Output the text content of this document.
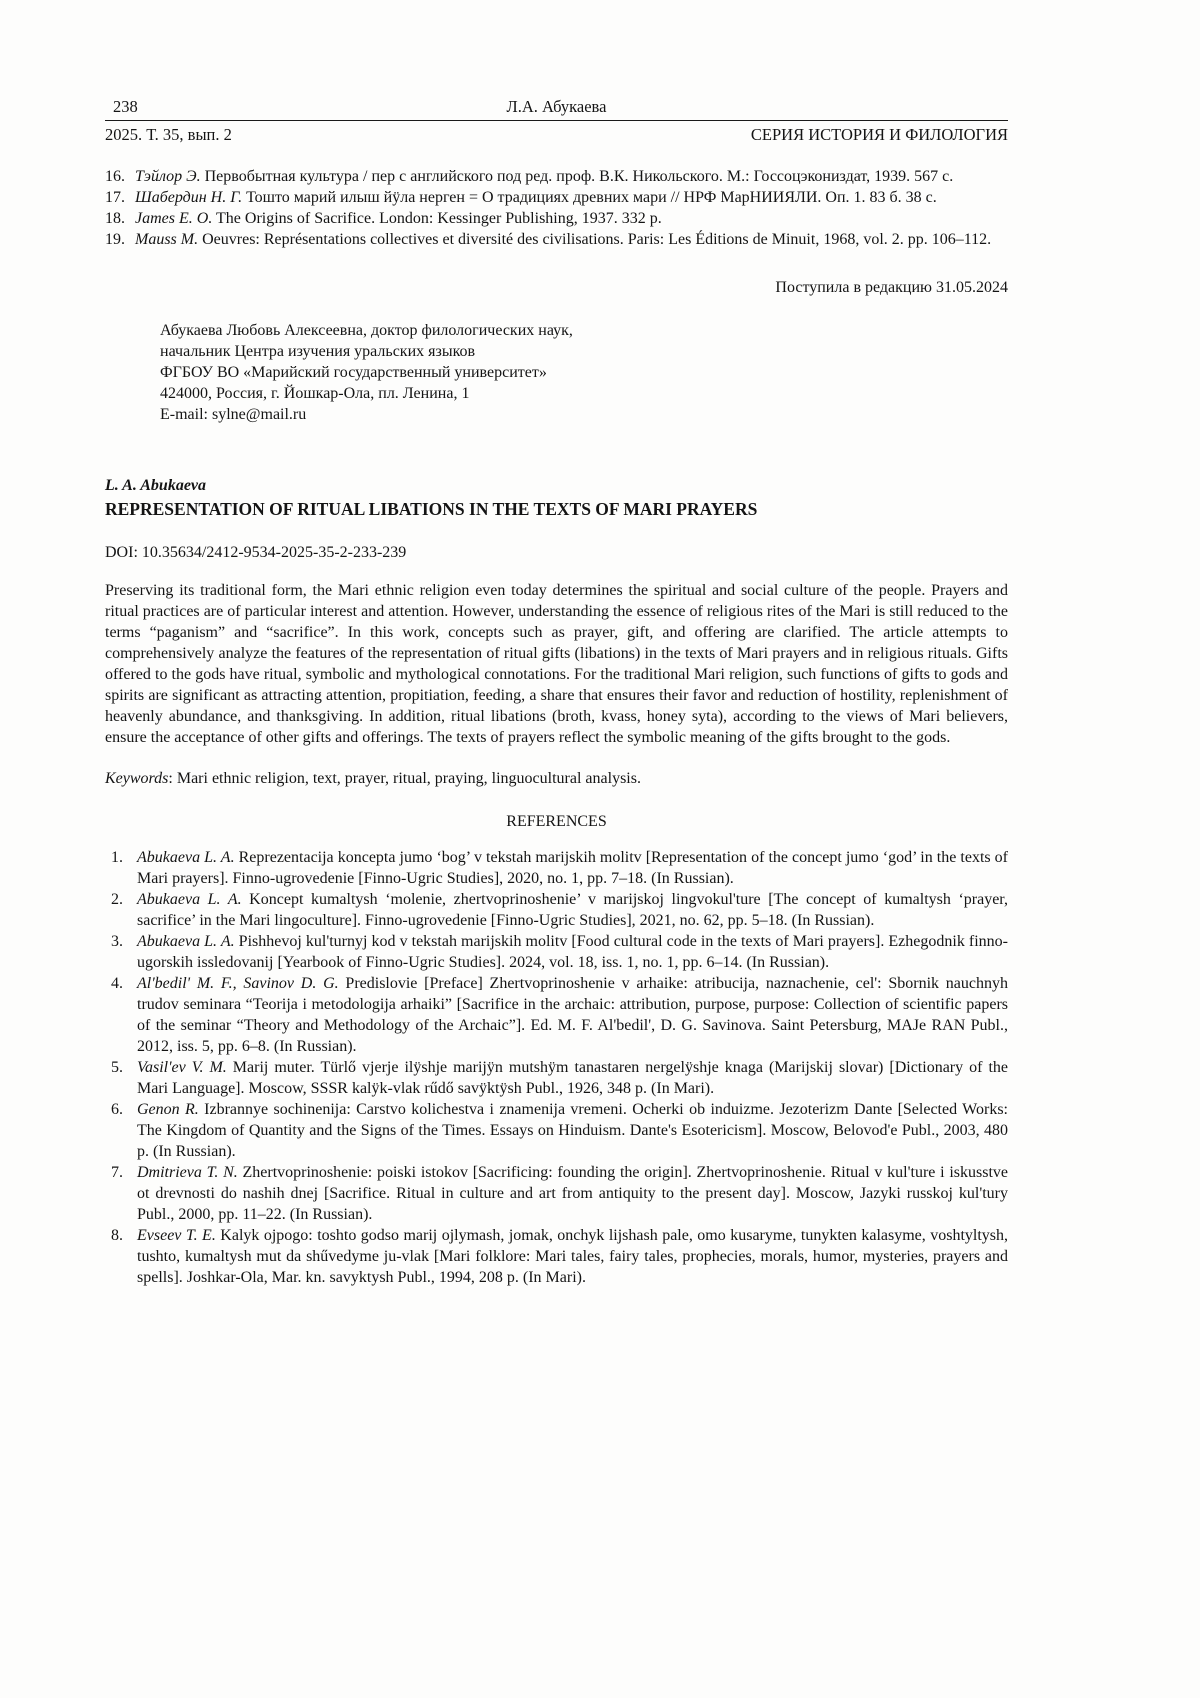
238	Л.А. Абукаева
2025. Т. 35, вып. 2	СЕРИЯ ИСТОРИЯ И ФИЛОЛОГИЯ
16. Тэйлор Э. Первобытная культура / пер с английского под ред. проф. В.К. Никольского. М.: Госсоцэкониздат, 1939. 567 с.
17. Шабердин Н. Г. Тошто марий илыш йӱла нерген = О традициях древних мари // НРФ МарНИИЯЛИ. Оп. 1. 83 б. 38 с.
18. James E. O. The Origins of Sacrifice. London: Kessinger Publishing, 1937. 332 p.
19. Mauss M. Oeuvres: Représentations collectives et diversité des civilisations. Paris: Les Éditions de Minuit, 1968, vol. 2. pp. 106–112.

Поступила в редакцию 31.05.2024

Абукаева Любовь Алексеевна, доктор филологических наук,
начальник Центра изучения уральских языков
ФГБОУ ВО «Марийский государственный университет»
424000, Россия, г. Йошкар-Ола, пл. Ленина, 1
E-mail: sylne@mail.ru
L. A. Abukaeva
REPRESENTATION OF RITUAL LIBATIONS IN THE TEXTS OF MARI PRAYERS

DOI: 10.35634/2412-9534-2025-35-2-233-239

Preserving its traditional form, the Mari ethnic religion even today determines the spiritual and social culture of the people. Prayers and ritual practices are of particular interest and attention. However, understanding the essence of religious rites of the Mari is still reduced to the terms “paganism” and “sacrifice”. In this work, concepts such as prayer, gift, and offering are clarified. The article attempts to comprehensively analyze the features of the representation of ritual gifts (libations) in the texts of Mari prayers and in religious rituals. Gifts offered to the gods have ritual, symbolic and mythological connotations. For the traditional Mari religion, such functions of gifts to gods and spirits are significant as attracting attention, propitiation, feeding, a share that ensures their favor and reduction of hostility, replenishment of heavenly abundance, and thanksgiving. In addition, ritual libations (broth, kvass, honey syta), according to the views of Mari believers, ensure the acceptance of other gifts and offerings. The texts of prayers reflect the symbolic meaning of the gifts brought to the gods.

Keywords: Mari ethnic religion, text, prayer, ritual, praying, linguocultural analysis.

REFERENCES
1. Abukaeva L. A. Reprezentacija koncepta jumo ‘bog’ v tekstah marijskih molitv [Representation of the concept jumo ‘god’ in the texts of Mari prayers]. Finno-ugrovedenie [Finno-Ugric Studies], 2020, no. 1, pp. 7–18. (In Russian).
2. Abukaeva L. A. Koncept kumaltysh ‘molenie, zhertvoprinoshenie’ v marijskoj lingvokul'ture [The concept of kumaltysh ‘prayer, sacrifice’ in the Mari lingoculture]. Finno-ugrovedenie [Finno-Ugric Studies], 2021, no. 62, pp. 5–18. (In Russian).
3. Abukaeva L. A. Pishhevoj kul'turnyj kod v tekstah marijskih molitv [Food cultural code in the texts of Mari prayers]. Ezhegodnik finno-ugorskih issledovanij [Yearbook of Finno-Ugric Studies]. 2024, vol. 18, iss. 1, no. 1, pp. 6–14. (In Russian).
4. Al'bedil' M. F., Savinov D. G. Predislovie [Preface] Zhertvoprinoshenie v arhaike: atribucija, naznachenie, cel': Sbornik nauchnyh trudov seminara “Teorija i metodologija arhaiki” [Sacrifice in the archaic: attribution, purpose, purpose: Collection of scientific papers of the seminar “Theory and Methodology of the Archaic”]. Ed. M. F. Al'bedil', D. G. Savinova. Saint Petersburg, MAJe RAN Publ., 2012, iss. 5, pp. 6–8. (In Russian).
5. Vasil'ev V. M. Marij muter. Türlő vjerje ilÿshje marijÿn mutshÿm tanastaren nergelÿshje knaga (Marijskij slovar) [Dictionary of the Mari Language]. Moscow, SSSR kalÿk-vlak rűdő savÿktÿsh Publ., 1926, 348 p. (In Mari).
6. Genon R. Izbrannye sochinenija: Carstvo kolichestva i znamenija vremeni. Ocherki ob induizme. Jezoterizm Dante [Selected Works: The Kingdom of Quantity and the Signs of the Times. Essays on Hinduism. Dante's Esotericism]. Moscow, Belovod'e Publ., 2003, 480 p. (In Russian).
7. Dmitrieva T. N. Zhertvoprinoshenie: poiski istokov [Sacrificing: founding the origin]. Zhertvoprinoshenie. Ritual v kul'ture i iskusstve ot drevnosti do nashih dnej [Sacrifice. Ritual in culture and art from antiquity to the present day]. Moscow, Jazyki russkoj kul'tury Publ., 2000, pp. 11–22. (In Russian).
8. Evseev T. E. Kalyk ojpogo: toshto godso marij ojlymash, jomak, onchyk lijshash pale, omo kusaryme, tunykten kalasyme, voshtyltysh, tushto, kumaltysh mut da shűvedyme ju-vlak [Mari folklore: Mari tales, fairy tales, prophecies, morals, humor, mysteries, prayers and spells]. Joshkar-Ola, Mar. kn. savyktysh Publ., 1994, 208 p. (In Mari).
